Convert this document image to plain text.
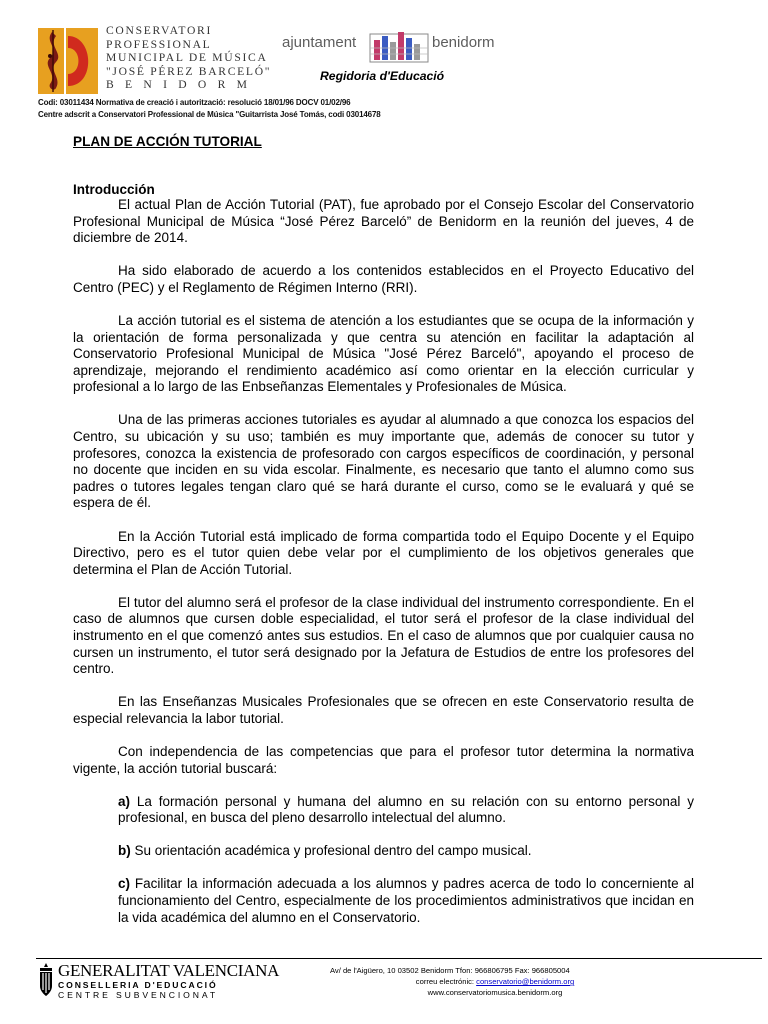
CONSERVATORI
PROFESSIONAL
MUNICIPAL DE MÚSICA
"JOSÉ PÉREZ BARCELÓ"
B E N I D O R M
ajuntament	benidorm
Regidoria d'Educació
Codi: 03011434 Normativa de creació i autorització: resolució 18/01/96 DOCV 01/02/96
Centre adscrit a Conservatori Professional de Música "Guitarrista José Tomás, codi 03014678
PLAN DE ACCIÓN TUTORIAL
Introducción

El actual Plan de Acción Tutorial (PAT), fue aprobado por el Consejo Escolar del Conservatorio Profesional Municipal de Música “José Pérez Barceló” de Benidorm en la reunión del jueves, 4 de diciembre de 2014.

Ha sido elaborado de acuerdo a los contenidos establecidos en el Proyecto Educativo del Centro (PEC) y el Reglamento de Régimen Interno (RRI).

La acción tutorial es el sistema de atención a los estudiantes que se ocupa de la información y la orientación de forma personalizada y que centra su atención en facilitar la adaptación al Conservatorio Profesional Municipal de Música "José Pérez Barceló", apoyando el proceso de aprendizaje, mejorando el rendimiento académico así como orientar en la elección curricular y profesional a lo largo de las Enbseñanzas Elementales y Profesionales de Música.

Una de las primeras acciones tutoriales es ayudar al alumnado a que conozca los espacios del Centro, su ubicación y su uso; también es muy importante que, además de conocer su tutor y profesores, conozca la existencia de profesorado con cargos específicos de coordinación, y personal no docente que inciden en su vida escolar. Finalmente, es necesario que tanto el alumno como sus padres o tutores legales tengan claro qué se hará durante el curso, como se le evaluará y qué se espera de él.

En la Acción Tutorial está implicado de forma compartida todo el Equipo Docente y el Equipo Directivo, pero es el tutor quien debe velar por el cumplimiento de los objetivos generales que determina el Plan de Acción Tutorial.

El tutor del alumno será el profesor de la clase individual del instrumento correspondiente. En el caso de alumnos que cursen doble especialidad, el tutor será el profesor de la clase individual del instrumento en el que comenzó antes sus estudios. En el caso de alumnos que por cualquier causa no cursen un instrumento, el tutor será designado por la Jefatura de Estudios de entre los profesores del centro.

En las Enseñanzas Musicales Profesionales que se ofrecen en este Conservatorio resulta de especial relevancia la labor tutorial.

Con independencia de las competencias que para el profesor tutor determina la normativa vigente, la acción tutorial buscará:

a) La formación personal y humana del alumno en su relación con su entorno personal y profesional, en busca del pleno desarrollo intelectual del alumno.

b) Su orientación académica y profesional dentro del campo musical.

c) Facilitar la información adecuada a los alumnos y padres acerca de todo lo concerniente al funcionamiento del Centro, especialmente de los procedimientos administrativos que incidan en la vida académica del alumno en el Conservatorio.

GENERALITAT VALENCIANA
CONSELLERIA D'EDUCACIÓ
CENTRE SUBVENCIONAT
Av/ de l'Aigüero, 10 03502 Benidorm Tfon: 966806795 Fax: 966805004
correu electrónic: conservatorio@benidorm.org
www.conservatoriomusica.benidorm.org
